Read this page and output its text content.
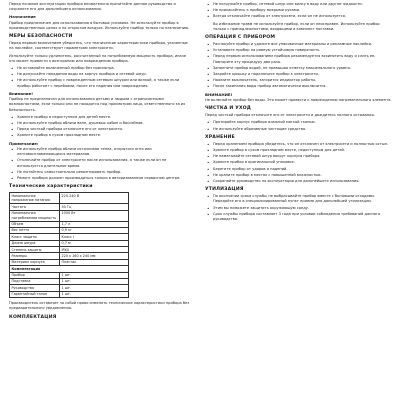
Перед началом эксплуатации прибора внимательно прочитайте данное руководство и сохраните его для дальнейшего использования.

Назначение

Прибор предназначен для использования в бытовых условиях. Не используйте прибор в производственных целях и на открытом воздухе. Используйте прибор только по назначению.

МЕРЫ БЕЗОПАСНОСТИ

Перед первым включением убедитесь, что технические характеристики прибора, указанные на наклейке, соответствуют параметрам электросети.

Используйте только удлинитель, рассчитанный на потребляемую мощность прибора, иначе это может привести к возгоранию или повреждению прибора.

• Не оставляйте включенный прибор без присмотра.
• Не допускайте попадания воды на корпус прибора и сетевой шнур.
• Не используйте прибор с поврежденным сетевым шнуром или вилкой, а также если прибор работает с перебоями, после его падения или повреждения.
Внимание!

Прибор не предназначен для использования детьми и людьми с ограниченными возможностями, если только они не находятся под присмотром лица, ответственного за их безопасность.

• Храните прибор в недоступном для детей месте.
• Не используйте прибор вблизи ванн, душевых кабин и бассейнов.
• Перед чисткой прибора отключите его от электросети.
• Храните прибор в сухом прохладном месте.
Примечание:
• Не используйте прибор вблизи источников тепла, открытого огня или легковоспламеняющихся материалов.
• Отключайте прибор от электросети после использования, а также если он не используется длительное время.
• Не пытайтесь самостоятельно ремонтировать прибор.
• Ремонт прибора должен производиться только в авторизованном сервисном центре.
Технические характеристики
Номинальное напряжение питания	220-240 В
Частота	50 Гц
Номинальная потребляемая мощность	1000 Вт
Объем	1,7 л
Вес нетто	0,9 кг
Класс защиты	Класс I
Длина шнура	0,7 м
Степень защиты	IPX0
Размеры	220 х 160 х 240 мм
Материал корпуса	Пластик
Комплектация	
Прибор	1 шт.
Подставка	1 шт.
Руководство	1 шт.
Гарантийный талон	1 шт.

Производитель оставляет за собой право изменять технические характеристики прибора без предварительного уведомления.

КОМПЛЕКТАЦИЯ
• Не погружайте прибор, сетевой шнур или вилку в воду или другие жидкости.
• Не прикасайтесь к прибору мокрыми руками.
• Всегда отключайте прибор от электросети, если он не используется.

Во избежание травм не используйте прибор, если он неисправен. Используйте прибор только с принадлежностями, входящими в комплект поставки.

ОПЕРАЦИЯ С ПРИБОРОМ
• Распакуйте прибор и удалите все упаковочные материалы и рекламные наклейки.
• Установите прибор на ровную устойчивую поверхность.
• Перед первым использованием прибора рекомендуется вскипятить воду и слить ее. Повторите эту процедуру два раза.
• Заполните прибор водой, не превышая отметку максимального уровня.
• Закройте крышку и подключите прибор к электросети.
• Нажмите выключатель, загорится индикатор работы.
• После закипания воды прибор автоматически выключится.
ВНИМАНИЕ!

Не включайте прибор без воды. Это может привести к повреждению нагревательного элемента.

ЧИСТКА И УХОД

Перед чисткой прибора отключите его от электросети и дождитесь полного остывания.

• Протирайте корпус прибора влажной мягкой тканью.
• Не используйте абразивные чистящие средства.
ХРАНЕНИЕ
• Перед хранением прибора убедитесь, что он отключен от электросети и полностью остыл.
• Храните прибор в сухом прохладном месте, недоступном для детей.
• Не наматывайте сетевой шнур вокруг корпуса прибора.
• Храните прибор в оригинальной упаковке.
• Берегите прибор от ударов и падений.
• Не храните прибор в местах с повышенной влажностью.
• Сохраняйте руководство по эксплуатации для дальнейшего использования.
УТИЛИЗАЦИЯ
• По окончании срока службы не выбрасывайте прибор вместе с бытовыми отходами. Передайте его в специализированный пункт приема для дальнейшей утилизации.
• Этим вы поможете защитить окружающую среду.
• Срок службы прибора составляет 3 года при условии соблюдения требований данного руководства.
